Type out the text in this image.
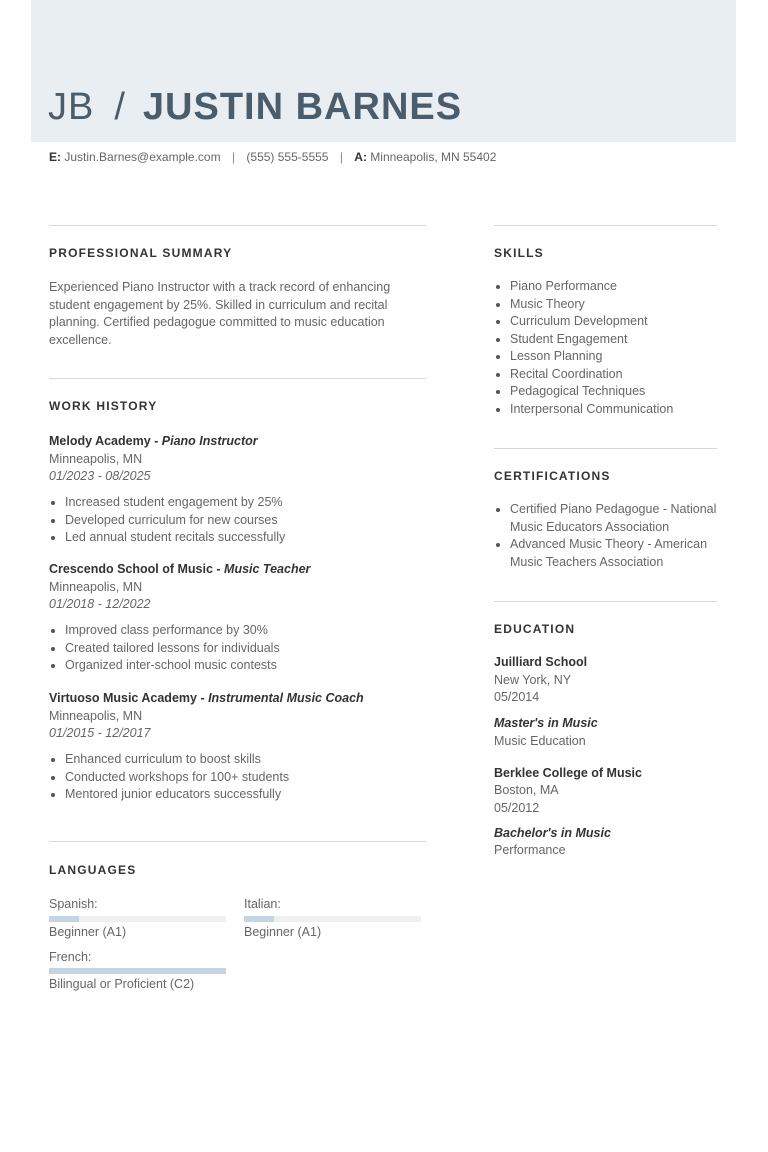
JB / JUSTIN BARNES
E: Justin.Barnes@example.com | (555) 555-5555 | A: Minneapolis, MN 55402
PROFESSIONAL SUMMARY
Experienced Piano Instructor with a track record of enhancing student engagement by 25%. Skilled in curriculum and recital planning. Certified pedagogue committed to music education excellence.
WORK HISTORY
Melody Academy - Piano Instructor
Minneapolis, MN
01/2023 - 08/2025
Increased student engagement by 25%
Developed curriculum for new courses
Led annual student recitals successfully
Crescendo School of Music - Music Teacher
Minneapolis, MN
01/2018 - 12/2022
Improved class performance by 30%
Created tailored lessons for individuals
Organized inter-school music contests
Virtuoso Music Academy - Instrumental Music Coach
Minneapolis, MN
01/2015 - 12/2017
Enhanced curriculum to boost skills
Conducted workshops for 100+ students
Mentored junior educators successfully
LANGUAGES
Spanish:
Beginner (A1)
Italian:
Beginner (A1)
French:
Bilingual or Proficient (C2)
SKILLS
Piano Performance
Music Theory
Curriculum Development
Student Engagement
Lesson Planning
Recital Coordination
Pedagogical Techniques
Interpersonal Communication
CERTIFICATIONS
Certified Piano Pedagogue - National Music Educators Association
Advanced Music Theory - American Music Teachers Association
EDUCATION
Juilliard School
New York, NY
05/2014
Master's in Music
Music Education
Berklee College of Music
Boston, MA
05/2012
Bachelor's in Music
Performance
